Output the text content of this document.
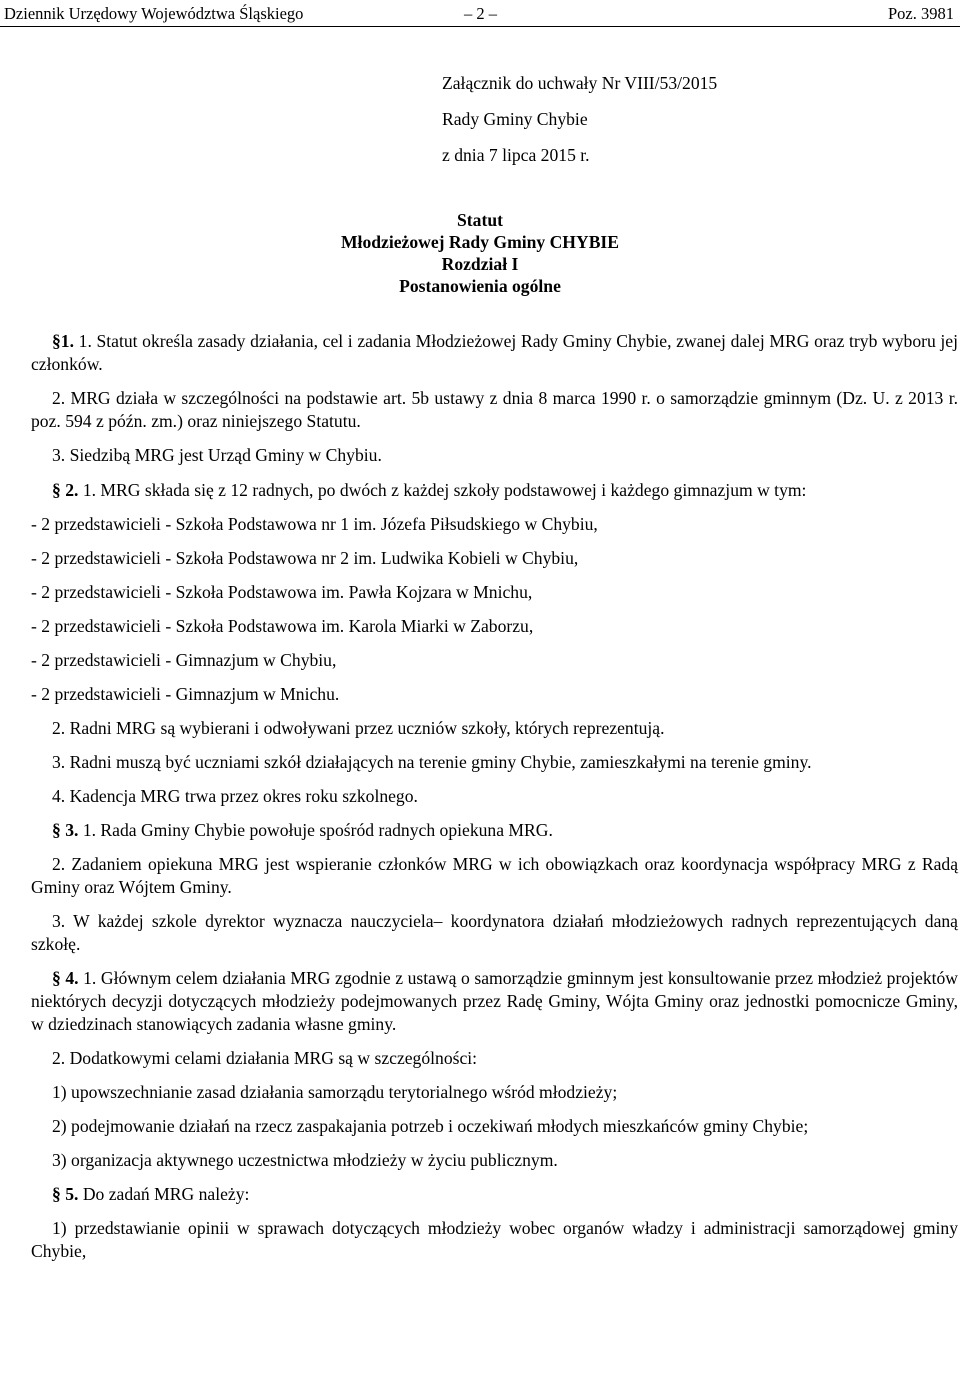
Dziennik Urzędowy Województwa Śląskiego	– 2 –	Poz. 3981
Załącznik do uchwały Nr VIII/53/2015
Rady Gminy Chybie
z dnia 7 lipca 2015 r.
Statut
Młodzieżowej Rady Gminy CHYBIE
Rozdział I
Postanowienia ogólne

§1. 1. Statut określa zasady działania, cel i zadania Młodzieżowej Rady Gminy Chybie, zwanej dalej MRG oraz tryb wyboru jej członków.

2. MRG działa w szczególności na podstawie art. 5b ustawy z dnia 8 marca 1990 r. o samorządzie gminnym (Dz. U. z 2013 r. poz. 594 z późn. zm.) oraz niniejszego Statutu.

3. Siedzibą MRG jest Urząd Gminy w Chybiu.

§ 2. 1. MRG składa się z 12 radnych, po dwóch z każdej szkoły podstawowej i każdego gimnazjum w tym:

- 2 przedstawicieli - Szkoła Podstawowa nr 1 im. Józefa Piłsudskiego w Chybiu,

- 2 przedstawicieli - Szkoła Podstawowa nr 2 im. Ludwika Kobieli w Chybiu,

- 2 przedstawicieli - Szkoła Podstawowa im. Pawła Kojzara w Mnichu,

- 2 przedstawicieli - Szkoła Podstawowa im. Karola Miarki w Zaborzu,

- 2 przedstawicieli - Gimnazjum w Chybiu,

- 2 przedstawicieli - Gimnazjum w Mnichu.

2. Radni MRG są wybierani i odwoływani przez uczniów szkoły, których reprezentują.

3. Radni muszą być uczniami szkół działających na terenie gminy Chybie, zamieszkałymi na terenie gminy.

4. Kadencja MRG trwa przez okres roku szkolnego.

§ 3. 1. Rada Gminy Chybie powołuje spośród radnych opiekuna MRG.

2. Zadaniem opiekuna MRG jest wspieranie członków MRG w ich obowiązkach oraz koordynacja współpracy MRG z Radą Gminy oraz Wójtem Gminy.

3. W każdej szkole dyrektor wyznacza nauczyciela– koordynatora działań młodzieżowych radnych reprezentujących daną szkołę.

§ 4. 1. Głównym celem działania MRG zgodnie z ustawą o samorządzie gminnym jest konsultowanie przez młodzież projektów niektórych decyzji dotyczących młodzieży podejmowanych przez Radę Gminy, Wójta Gminy oraz jednostki pomocnicze Gminy, w dziedzinach stanowiących zadania własne gminy.

2. Dodatkowymi celami działania MRG są w szczególności:

1) upowszechnianie zasad działania samorządu terytorialnego wśród młodzieży;

2) podejmowanie działań na rzecz zaspakajania potrzeb i oczekiwań młodych mieszkańców gminy Chybie;

3) organizacja aktywnego uczestnictwa młodzieży w życiu publicznym.

§ 5. Do zadań MRG należy:

1) przedstawianie opinii w sprawach dotyczących młodzieży wobec organów władzy i administracji samorządowej gminy Chybie,
